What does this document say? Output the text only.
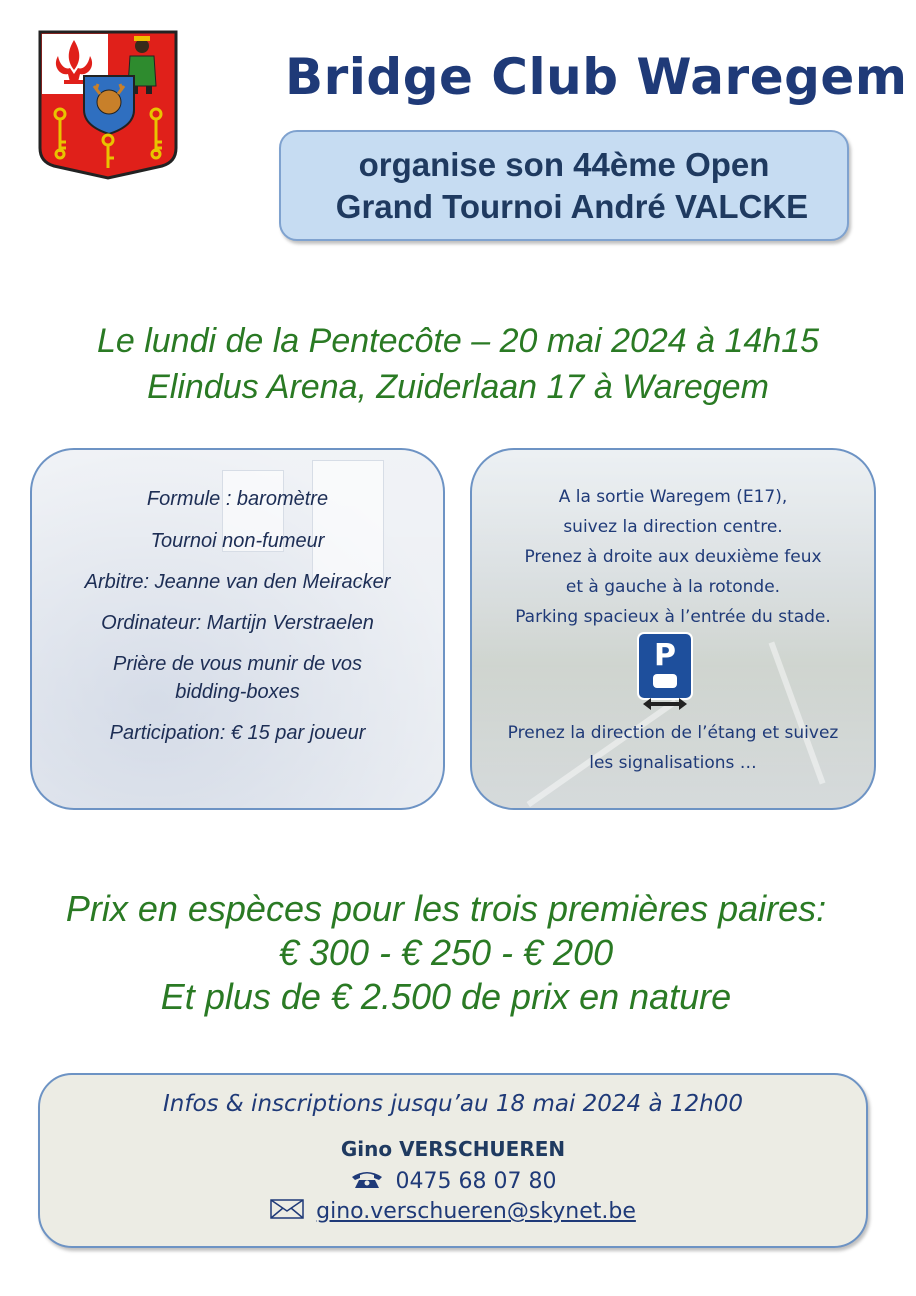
Bridge Club Waregem
organise son 44ème Open
Grand Tournoi André VALCKE
Le lundi de la Pentecôte – 20 mai 2024 à 14h15
Elindus Arena, Zuiderlaan 17 à Waregem
Formule : baromètre
Tournoi non-fumeur
Arbitre: Jeanne van den Meiracker
Ordinateur: Martijn Verstraelen
Prière de vous munir de vos
bidding-boxes
Participation: € 15 par joueur
A la sortie Waregem (E17),
suivez la direction centre.
Prenez à droite aux deuxième feux
et à gauche à la rotonde.
Parking spacieux à l’entrée du stade.
P
Prenez la direction de l’étang et suivez
les signalisations …
Prix en espèces pour les trois premières paires:
€ 300 - € 250 - € 200
Et plus de € 2.500 de prix en nature
Infos & inscriptions jusqu’au 18 mai 2024 à 12h00
Gino VERSCHUEREN
0475 68 07 80
gino.verschueren@skynet.be
